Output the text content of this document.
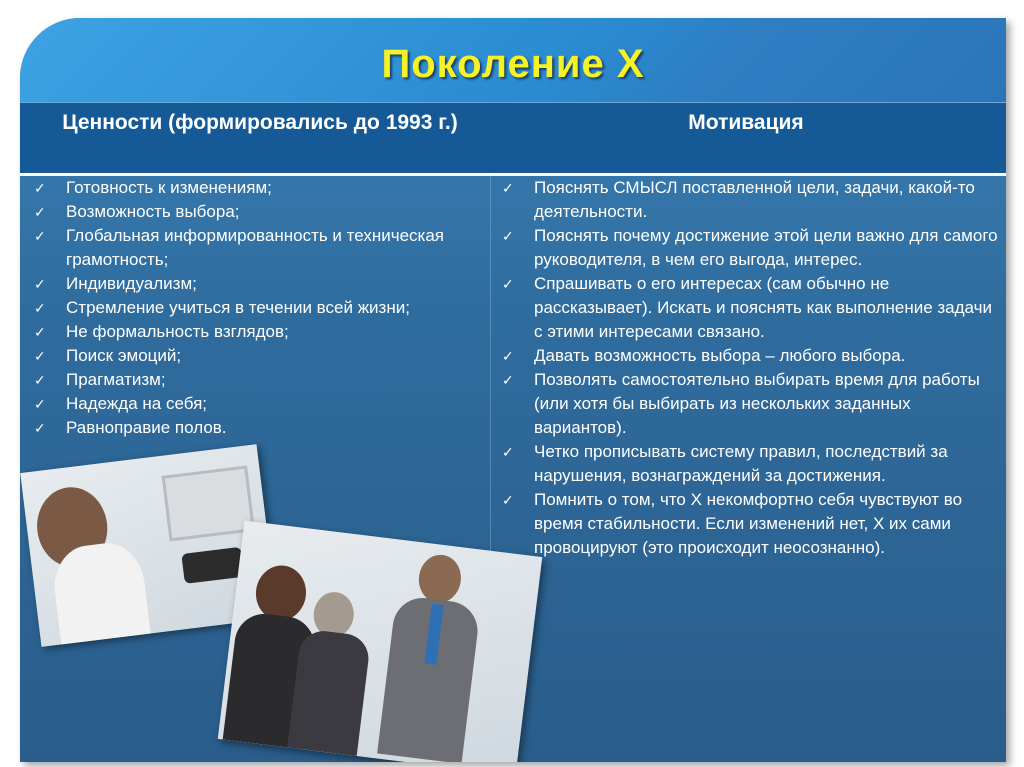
Поколение Х
Ценности (формировались до 1993 г.)	Мотивация
✓ Готовность к изменениям;
✓ Возможность выбора;
✓ Глобальная информированность и техническая грамотность;
✓ Индивидуализм;
✓ Стремление учиться в течении всей жизни;
✓ Не формальность взглядов;
✓ Поиск эмоций;
✓ Прагматизм;
✓ Надежда на себя;
✓ Равноправие полов.
✓ Пояснять СМЫСЛ поставленной цели, задачи, какой-то деятельности.
✓ Пояснять почему достижение этой цели важно для самого руководителя, в чем его выгода, интерес.
✓ Спрашивать о его интересах (сам обычно не рассказывает). Искать и пояснять как выполнение задачи с этими интересами связано.
✓ Давать возможность выбора – любого выбора.
✓ Позволять самостоятельно выбирать время для работы (или хотя бы выбирать из нескольких заданных вариантов).
✓ Четко прописывать систему правил, последствий за нарушения, вознаграждений за достижения.
✓ Помнить о том, что Х некомфортно себя чувствуют во время стабильности. Если изменений нет, Х их сами провоцируют (это происходит неосознанно).
